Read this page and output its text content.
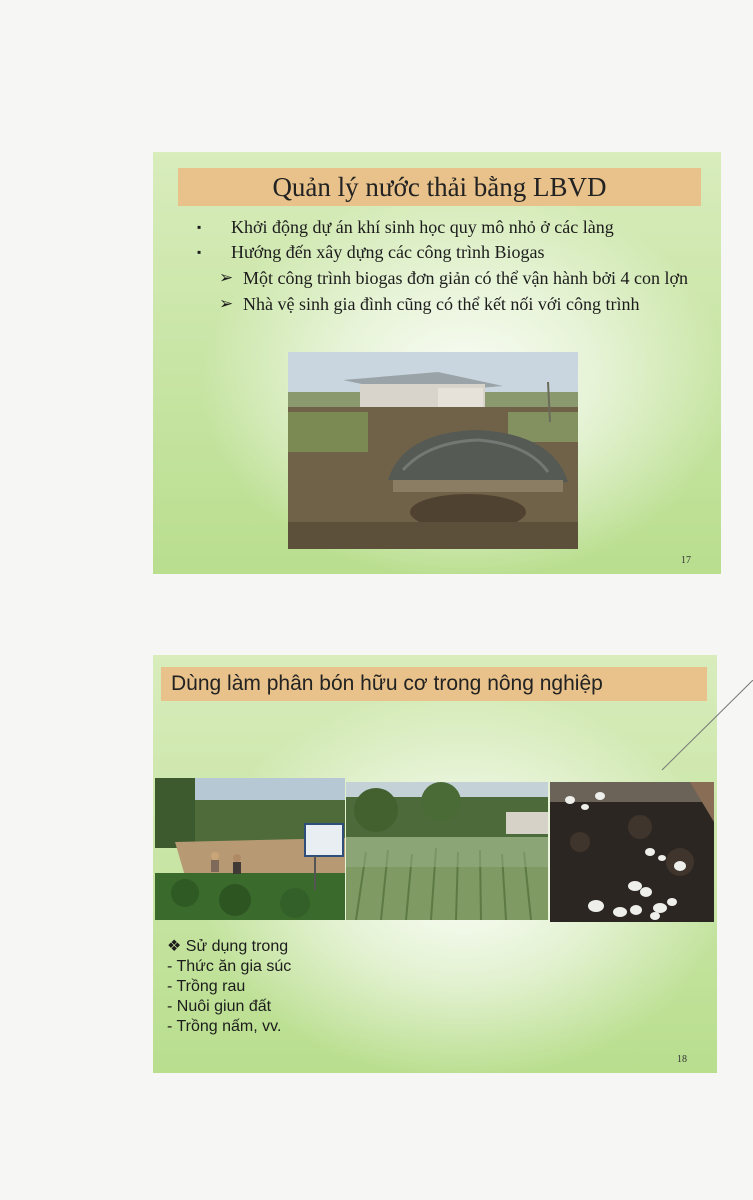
Quản lý nước thải bằng LBVD
▪ Khởi động dự án khí sinh học quy mô nhỏ ở các làng
▪ Hướng đến xây dựng các công trình Biogas
➢ Một công trình biogas đơn giản có thể vận hành bởi 4 con lợn
➢ Nhà vệ sinh gia đình cũng có thể kết nối với công trình
17
Dùng làm phân bón hữu cơ trong nông nghiệp
❖ Sử dụng trong
- Thức ăn gia súc
- Trồng rau
- Nuôi giun đất
- Trồng nấm, vv.
18
